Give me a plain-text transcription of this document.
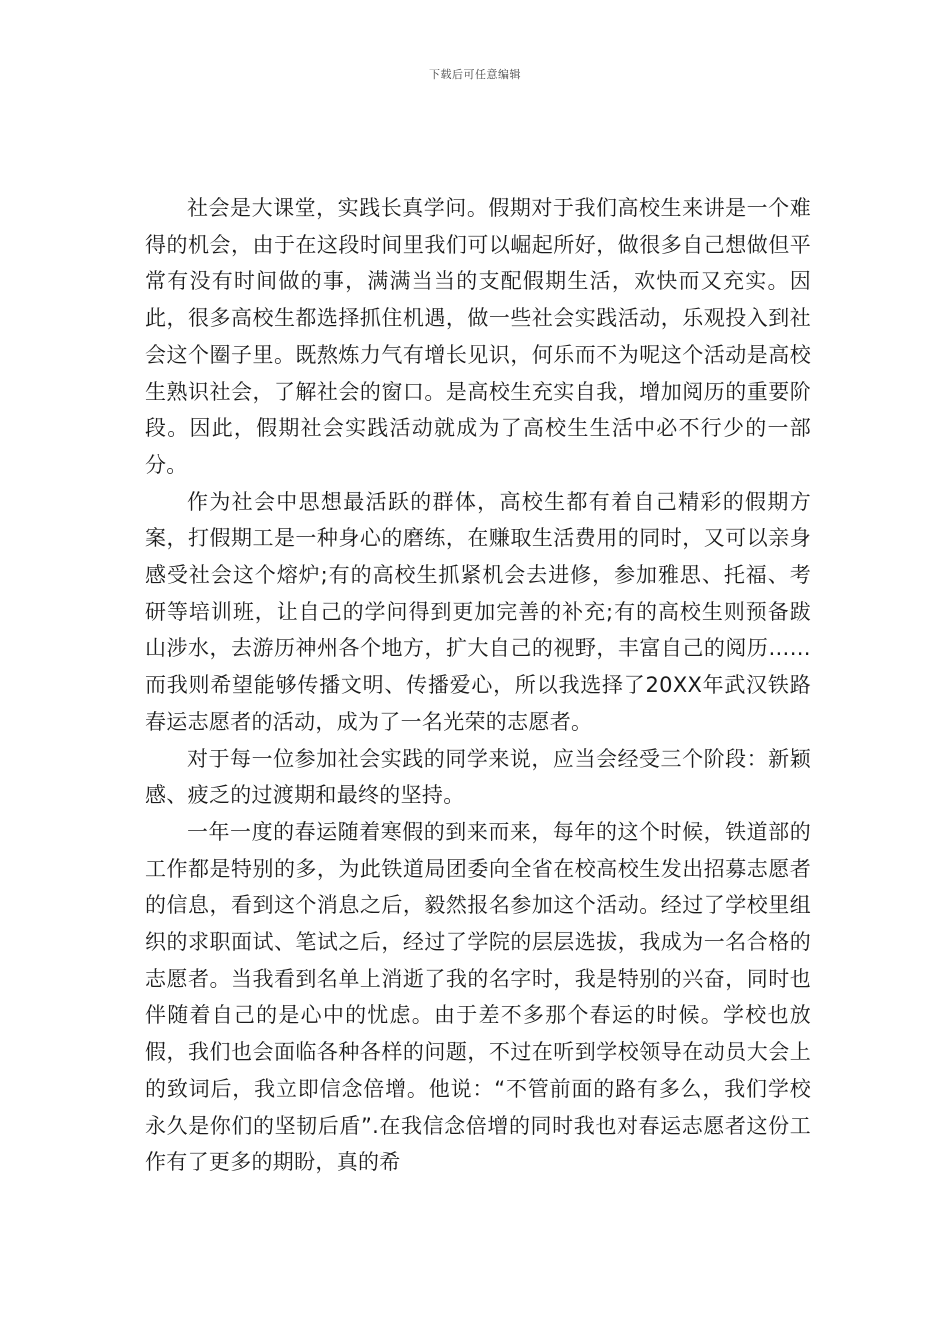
下载后可任意编辑

社会是大课堂，实践长真学问。假期对于我们高校生来讲是一个难得的机会，由于在这段时间里我们可以崛起所好，做很多自己想做但平常有没有时间做的事，满满当当的支配假期生活，欢快而又充实。因此，很多高校生都选择抓住机遇，做一些社会实践活动，乐观投入到社会这个圈子里。既熬炼力气有增长见识，何乐而不为呢这个活动是高校生熟识社会，了解社会的窗口。是高校生充实自我，增加阅历的重要阶段。因此，假期社会实践活动就成为了高校生生活中必不行少的一部分。

作为社会中思想最活跃的群体，高校生都有着自己精彩的假期方案，打假期工是一种身心的磨练，在赚取生活费用的同时，又可以亲身感受社会这个熔炉;有的高校生抓紧机会去进修，参加雅思、托福、考研等培训班，让自己的学问得到更加完善的补充;有的高校生则预备跋山涉水，去游历神州各个地方，扩大自己的视野，丰富自己的阅历……而我则希望能够传播文明、传播爱心，所以我选择了20XX年武汉铁路春运志愿者的活动，成为了一名光荣的志愿者。

对于每一位参加社会实践的同学来说，应当会经受三个阶段：新颖感、疲乏的过渡期和最终的坚持。

一年一度的春运随着寒假的到来而来，每年的这个时候，铁道部的工作都是特别的多，为此铁道局团委向全省在校高校生发出招募志愿者的信息，看到这个消息之后，毅然报名参加这个活动。经过了学校里组织的求职面试、笔试之后，经过了学院的层层选拔，我成为一名合格的志愿者。当我看到名单上消逝了我的名字时，我是特别的兴奋，同时也伴随着自己的是心中的忧虑。由于差不多那个春运的时候。学校也放假，我们也会面临各种各样的问题，不过在听到学校领导在动员大会上的致词后，我立即信念倍增。他说：“不管前面的路有多么，我们学校永久是你们的坚韧后盾”.在我信念倍增的同时我也对春运志愿者这份工作有了更多的期盼，真的希
